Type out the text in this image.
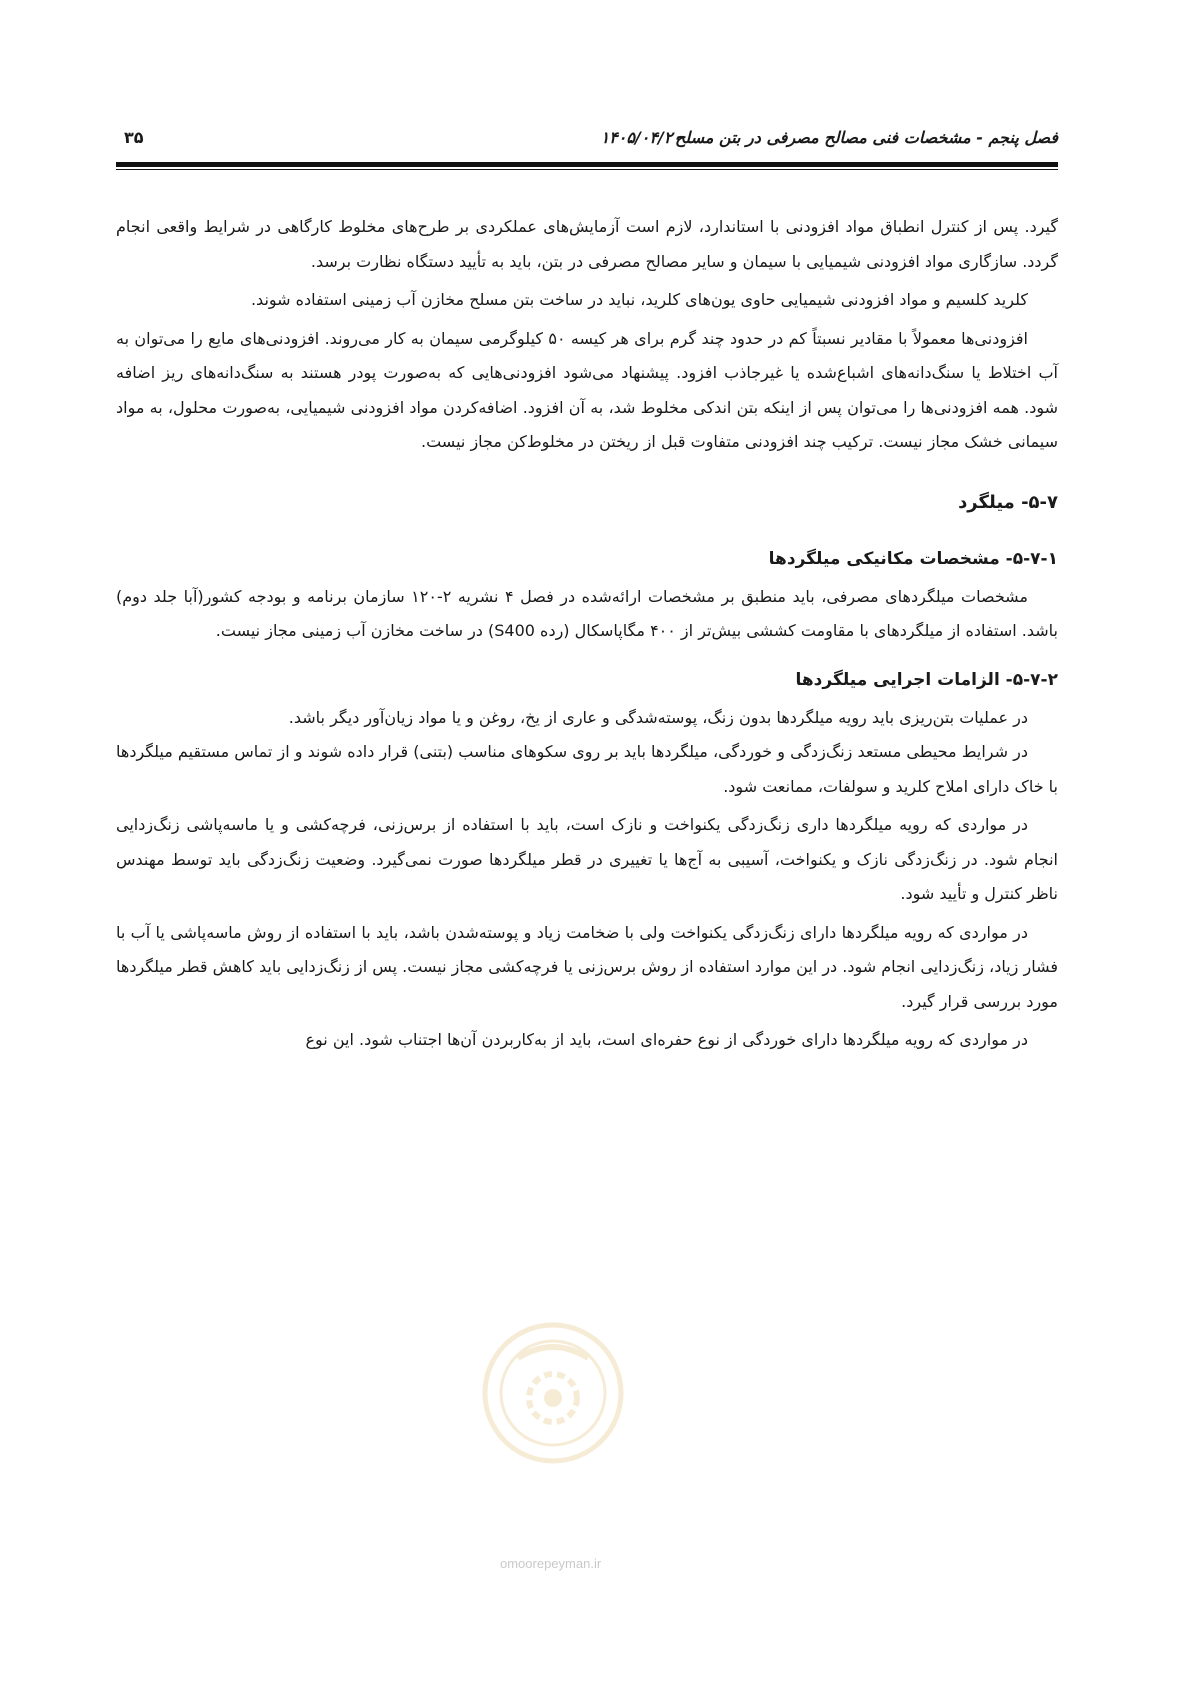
فصل پنجم - مشخصات فنی مصالح مصرفی در بتن مسلح
۱۴۰۵/۰۴/۲۰
۳۵

گیرد. پس از کنترل انطباق مواد افزودنی با استاندارد، لازم است آزمایش‌های عملکردی بر طرح‌های مخلوط کارگاهی در شرایط واقعی انجام گردد. سازگاری مواد افزودنی شیمیایی با سیمان و سایر مصالح مصرفی در بتن، باید به تأیید دستگاه نظارت برسد.

کلرید کلسیم و مواد افزودنی شیمیایی حاوی یون‌های کلرید، نباید در ساخت بتن مسلح مخازن آب زمینی استفاده شوند.

افزودنی‌ها معمولاً با مقادیر نسبتاً کم در حدود چند گرم برای هر کیسه ۵۰ کیلوگرمی سیمان به کار می‌روند. افزودنی‌های مایع را می‌توان به آب اختلاط یا سنگ‌دانه‌های اشباع‌شده یا غیرجاذب افزود. پیشنهاد می‌شود افزودنی‌هایی که به‌صورت پودر هستند به سنگ‌دانه‌های ریز اضافه شود. همه افزودنی‌ها را می‌توان پس از اینکه بتن اندکی مخلوط شد، به آن افزود. اضافه‌کردن مواد افزودنی شیمیایی، به‌صورت محلول، به مواد سیمانی خشک مجاز نیست. ترکیب چند افزودنی متفاوت قبل از ریختن در مخلوط‌کن مجاز نیست.

۵-۷- میلگرد
۵-۷-۱- مشخصات مکانیکی میلگردها

مشخصات میلگردهای مصرفی، باید منطبق بر مشخصات ارائه‌شده در فصل ۴ نشریه ۲-۱۲۰ سازمان برنامه و بودجه کشور(آبا جلد دوم) باشد. استفاده از میلگردهای با مقاومت کششی بیش‌تر از ۴۰۰ مگاپاسکال (رده S400) در ساخت مخازن آب زمینی مجاز نیست.

۵-۷-۲- الزامات اجرایی میلگردها

در عملیات بتن‌ریزی باید رویه میلگردها بدون زنگ، پوسته‌شدگی و عاری از یخ، روغن و یا مواد زیان‌آور دیگر باشد.

در شرایط محیطی مستعد زنگ‌زدگی و خوردگی، میلگردها باید بر روی سکوهای مناسب (بتنی) قرار داده شوند و از تماس مستقیم میلگردها با خاک دارای املاح کلرید و سولفات، ممانعت شود.

در مواردی که رویه میلگردها داری زنگ‌زدگی یکنواخت و نازک است، باید با استفاده از برس‌زنی، فرچه‌کشی و یا ماسه‌پاشی زنگ‌زدایی انجام شود. در زنگ‌زدگی نازک و یکنواخت، آسیبی به آج‌ها یا تغییری در قطر میلگردها صورت نمی‌گیرد. وضعیت زنگ‌زدگی باید توسط مهندس ناظر کنترل و تأیید شود.

در مواردی که رویه میلگردها دارای زنگ‌زدگی یکنواخت ولی با ضخامت زیاد و پوسته‌شدن باشد، باید با استفاده از روش ماسه‌پاشی یا آب با فشار زیاد، زنگ‌زدایی انجام شود. در این موارد استفاده از روش برس‌زنی یا فرچه‌کشی مجاز نیست. پس از زنگ‌زدایی باید کاهش قطر میلگردها مورد بررسی قرار گیرد.

در مواردی که رویه میلگردها دارای خوردگی از نوع حفره‌ای است، باید از به‌کاربردن آن‌ها اجتناب شود. این نوع

omoorepeyman.ir
